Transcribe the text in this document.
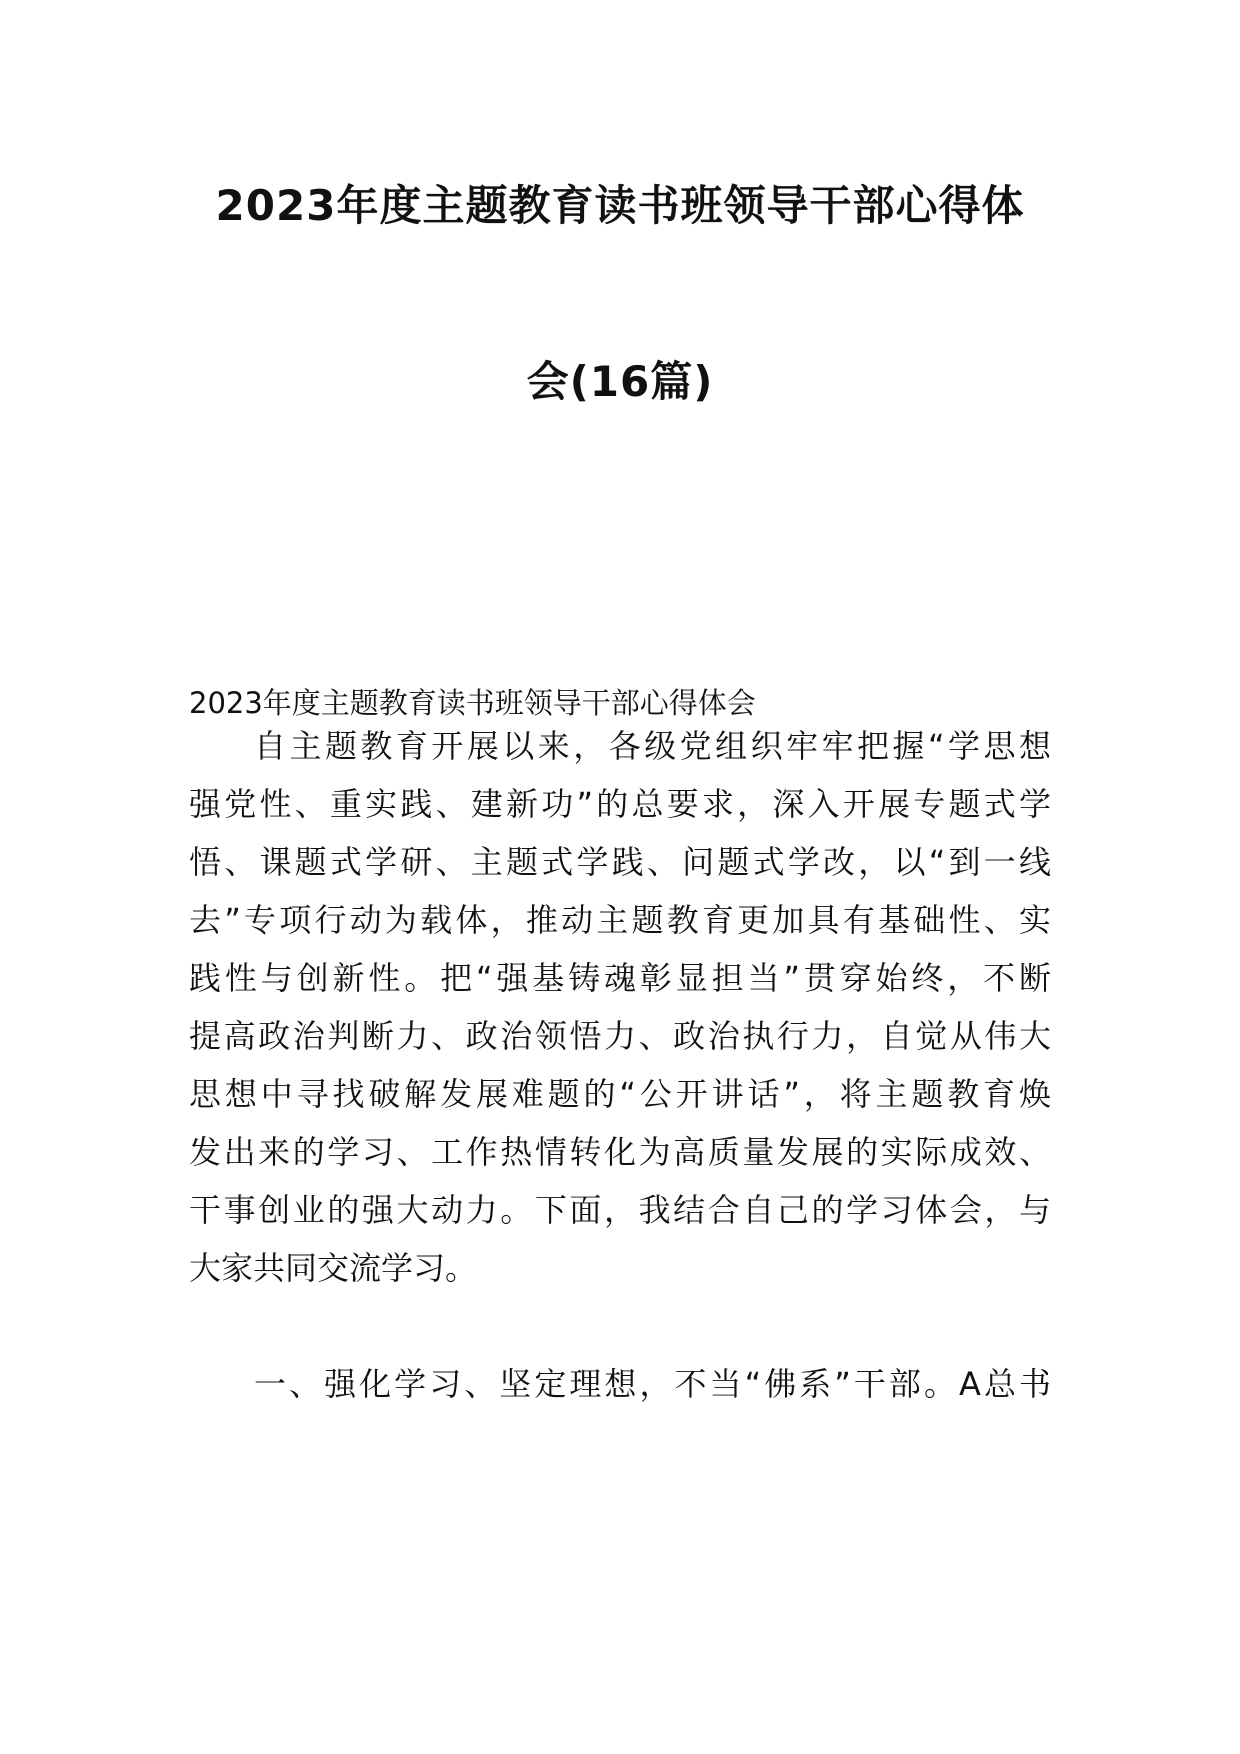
2023年度主题教育读书班领导干部心得体
会(16篇)
2023年度主题教育读书班领导干部心得体会
自主题教育开展以来，各级党组织牢牢把握“学思想
强党性、重实践、建新功”的总要求，深入开展专题式学
悟、课题式学研、主题式学践、问题式学改，以“到一线
去”专项行动为载体，推动主题教育更加具有基础性、实
践性与创新性。把“强基铸魂彰显担当”贯穿始终，不断
提高政治判断力、政治领悟力、政治执行力，自觉从伟大
思想中寻找破解发展难题的“公开讲话”，将主题教育焕
发出来的学习、工作热情转化为高质量发展的实际成效、
干事创业的强大动力。下面，我结合自己的学习体会，与
大家共同交流学习。
一、强化学习、坚定理想，不当“佛系”干部。A总书
